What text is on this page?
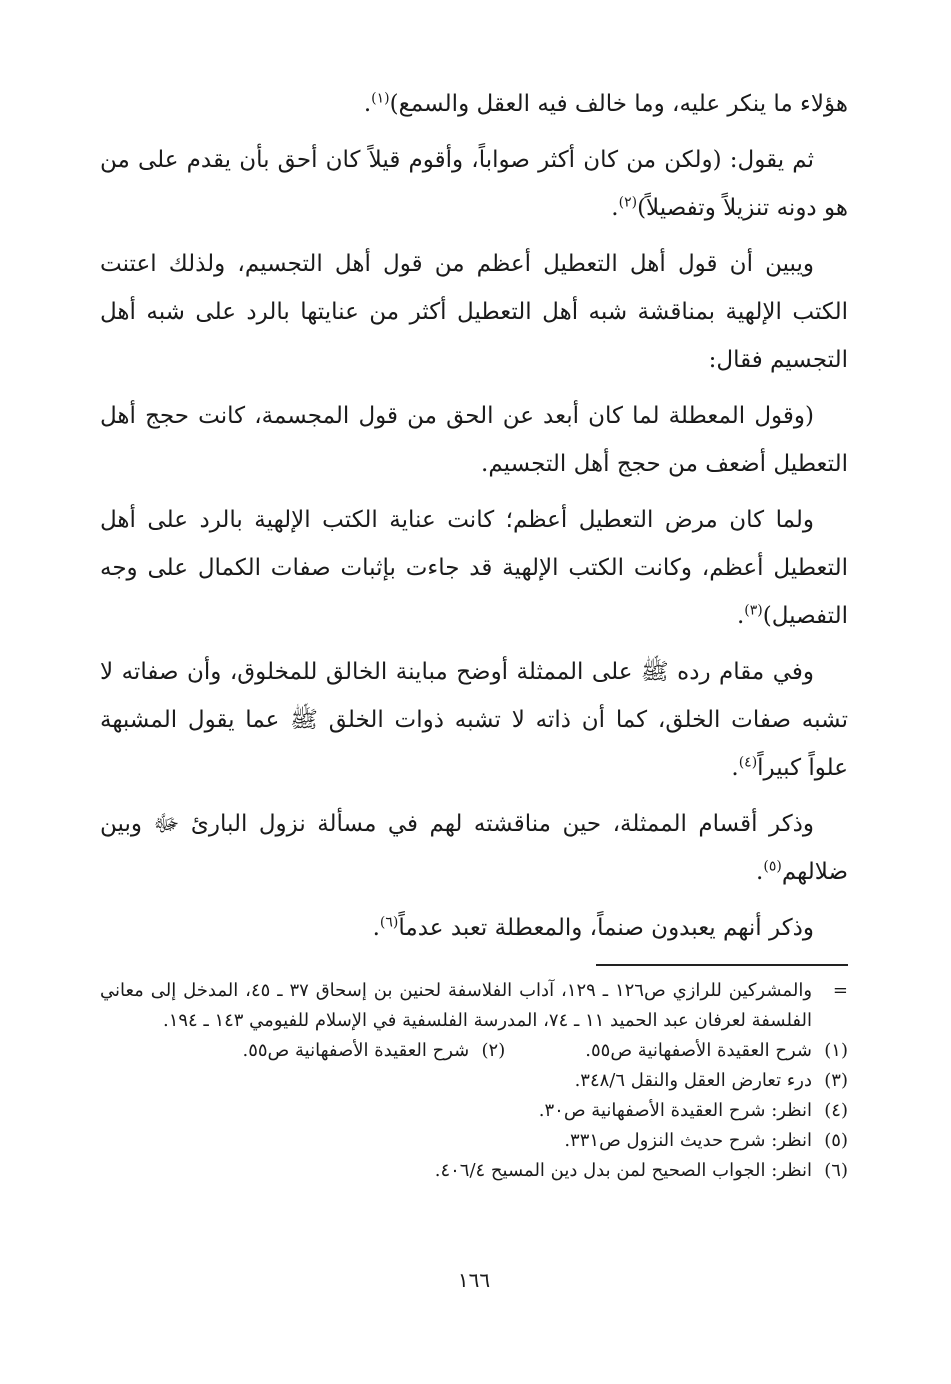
هؤلاء ما ينكر عليه، وما خالف فيه العقل والسمع)$^{(١)}$.

ثم يقول: (ولكن من كان أكثر صواباً، وأقوم قيلاً كان أحق بأن يقدم على من هو دونه تنزيلاً وتفصيلاً)$^{(٢)}$.

ويبين أن قول أهل التعطيل أعظم من قول أهل التجسيم، ولذلك اعتنت الكتب الإلهية بمناقشة شبه أهل التعطيل أكثر من عنايتها بالرد على شبه أهل التجسيم فقال:

(وقول المعطلة لما كان أبعد عن الحق من قول المجسمة، كانت حجج أهل التعطيل أضعف من حجج أهل التجسيم.

ولما كان مرض التعطيل أعظم؛ كانت عناية الكتب الإلهية بالرد على أهل التعطيل أعظم، وكانت الكتب الإلهية قد جاءت بإثبات صفات الكمال على وجه التفصيل)$^{(٣)}$.

وفي مقام رده ﷺ على الممثلة أوضح مباينة الخالق للمخلوق، وأن صفاته لا تشبه صفات الخلق، كما أن ذاته لا تشبه ذوات الخلق ﷺ عما يقول المشبهة علواً كبيراً$^{(٤)}$.

وذكر أقسام الممثلة، حين مناقشته لهم في مسألة نزول البارئ ﷻ وبين ضلالهم$^{(٥)}$.

وذكر أنهم يعبدون صنماً، والمعطلة تعبد عدماً$^{(٦)}$.

=
والمشركين للرازي ص١٢٦ ـ ١٢٩، آداب الفلاسفة لحنين بن إسحاق ٣٧ ـ ٤٥، المدخل إلى معاني الفلسفة لعرفان عبد الحميد ١١ ـ ٧٤، المدرسة الفلسفية في الإسلام للفيومي ١٤٣ ـ ١٩٤.
(١)
شرح العقيدة الأصفهانية ص٥٥.
(٢)
شرح العقيدة الأصفهانية ص٥٥.
(٣)
درء تعارض العقل والنقل ٣٤٨/٦.
(٤)
انظر: شرح العقيدة الأصفهانية ص٣٠.
(٥)
انظر: شرح حديث النزول ص٣٣١.
(٦)
انظر: الجواب الصحيح لمن بدل دين المسيح ٤٠٦/٤.
١٦٦
